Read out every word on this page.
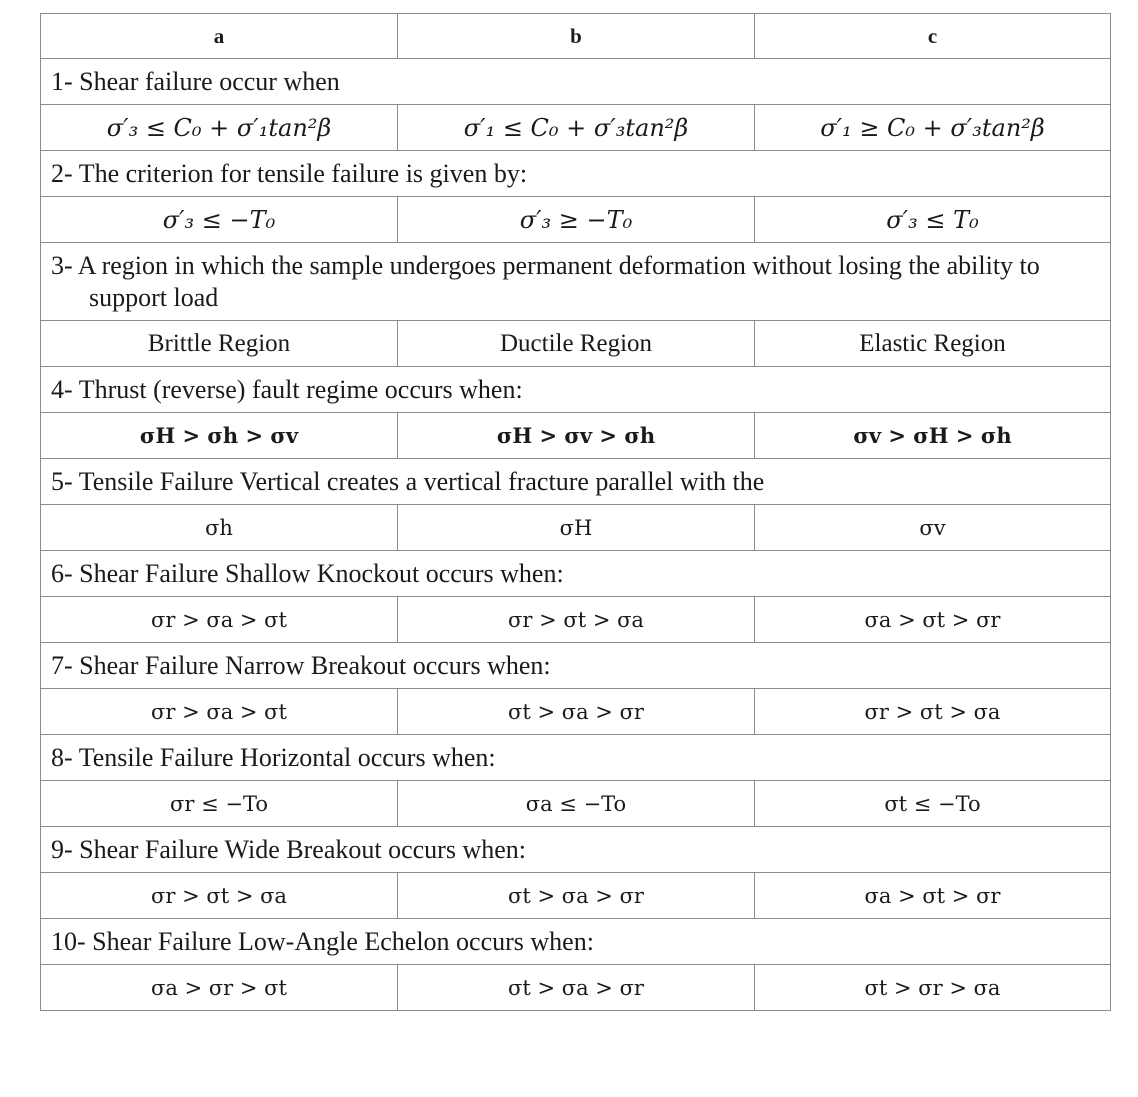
a	b	c

1- Shear failure occur when		

σ′₃ ≤ C₀ + σ′₁tan²β	σ′₁ ≤ C₀ + σ′₃tan²β	σ′₁ ≥ C₀ + σ′₃tan²β

2- The criterion for tensile failure is given by:		

σ′₃ ≤ −T₀	σ′₃ ≥ −T₀	σ′₃ ≤ T₀

3- A region in which the sample undergoes permanent deformation without losing the ability to support load		

Brittle Region	Ductile Region	Elastic Region

4- Thrust (reverse) fault regime occurs when:		

σH > σh > σv	σH > σv > σh	σv > σH > σh

5- Tensile Failure Vertical creates a vertical fracture parallel with the		

σh	σH	σv

6- Shear Failure Shallow Knockout occurs when:		

σr > σa > σt	σr > σt > σa	σa > σt > σr

7- Shear Failure Narrow Breakout occurs when:		

σr > σa > σt	σt > σa > σr	σr > σt > σa

8- Tensile Failure Horizontal occurs when:		

σr ≤ −To	σa ≤ −To	σt ≤ −To

9- Shear Failure Wide Breakout occurs when:		

σr > σt > σa	σt > σa > σr	σa > σt > σr

10- Shear Failure Low-Angle Echelon occurs when:		

σa > σr > σt	σt > σa > σr	σt > σr > σa
